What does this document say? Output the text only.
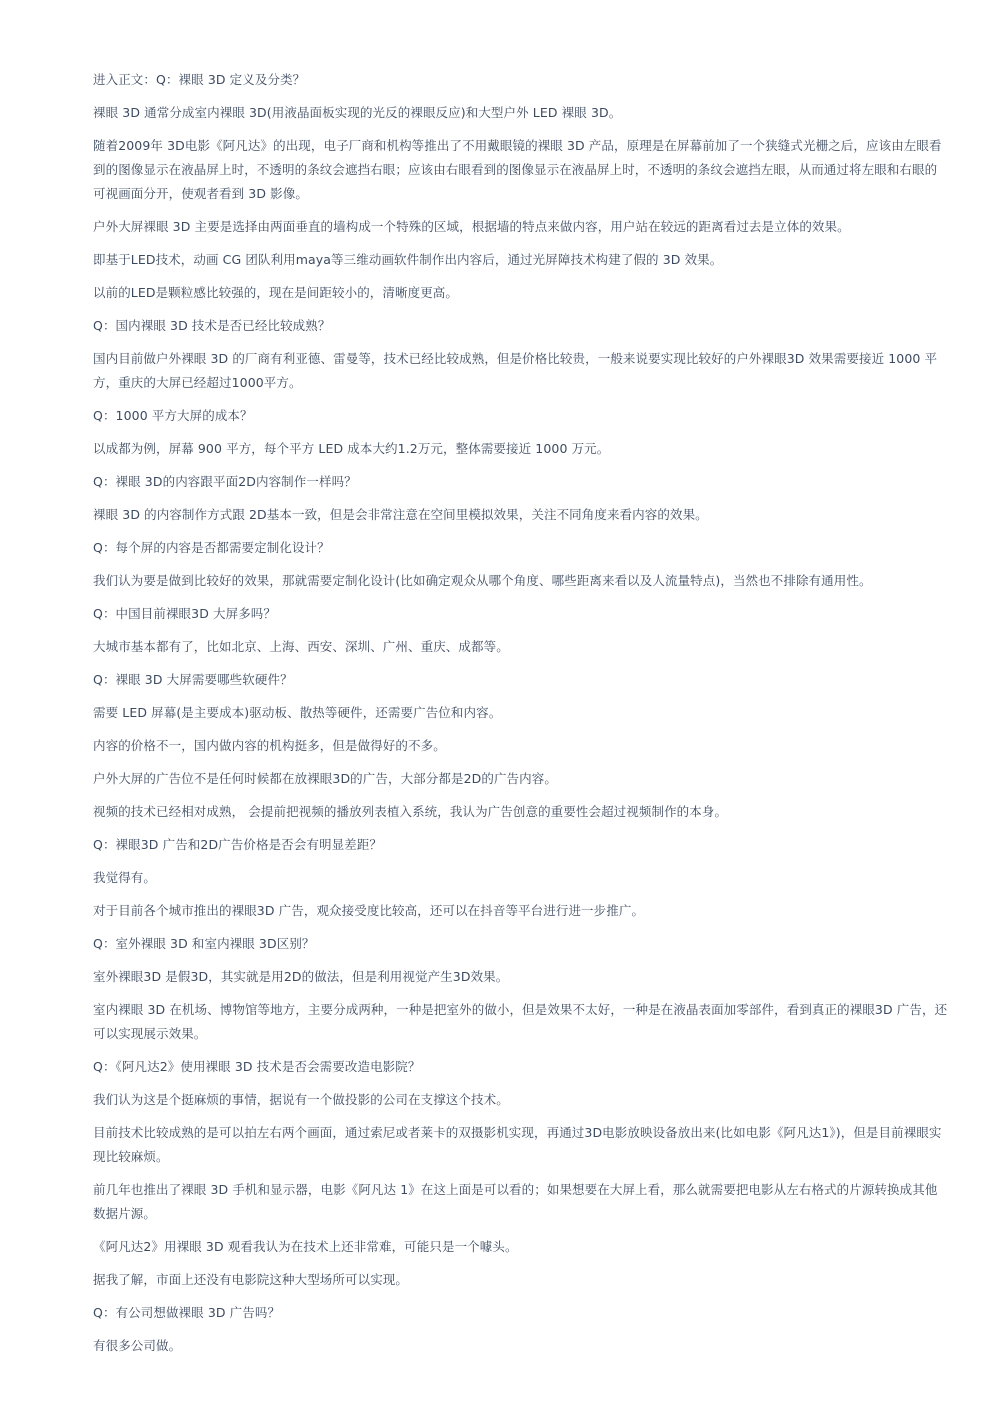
进入正文：Q：裸眼 3D 定义及分类？

裸眼 3D 通常分成室内裸眼 3D(用液晶面板实现的光反的裸眼反应)和大型户外 LED 裸眼 3D。

随着2009年 3D电影《阿凡达》的出现，电子厂商和机构等推出了不用戴眼镜的裸眼 3D 产品，原理是在屏幕前加了一个狭缝式光栅之后，应该由左眼看到的图像显示在液晶屏上时，不透明的条纹会遮挡右眼；应该由右眼看到的图像显示在液晶屏上时，不透明的条纹会遮挡左眼，从而通过将左眼和右眼的可视画面分开，使观者看到 3D 影像。

户外大屏裸眼 3D 主要是选择由两面垂直的墙构成一个特殊的区域，根据墙的特点来做内容，用户站在较远的距离看过去是立体的效果。

即基于LED技术，动画 CG 团队利用maya等三维动画软件制作出内容后，通过光屏障技术构建了假的 3D 效果。

以前的LED是颗粒感比较强的，现在是间距较小的，清晰度更高。

Q：国内裸眼 3D 技术是否已经比较成熟？

国内目前做户外裸眼 3D 的厂商有利亚德、雷曼等，技术已经比较成熟，但是价格比较贵，一般来说要实现比较好的户外裸眼3D 效果需要接近 1000 平方，重庆的大屏已经超过1000平方。

Q：1000 平方大屏的成本？

以成都为例，屏幕 900 平方，每个平方 LED 成本大约1.2万元，整体需要接近 1000 万元。

Q：裸眼 3D的内容跟平面2D内容制作一样吗？

裸眼 3D 的内容制作方式跟 2D基本一致，但是会非常注意在空间里模拟效果，关注不同角度来看内容的效果。

Q：每个屏的内容是否都需要定制化设计？

我们认为要是做到比较好的效果，那就需要定制化设计(比如确定观众从哪个角度、哪些距离来看以及人流量特点)，当然也不排除有通用性。

Q：中国目前裸眼3D 大屏多吗？

大城市基本都有了，比如北京、上海、西安、深圳、广州、重庆、成都等。

Q：裸眼 3D 大屏需要哪些软硬件？

需要 LED 屏幕(是主要成本)驱动板、散热等硬件，还需要广告位和内容。

内容的价格不一，国内做内容的机构挺多，但是做得好的不多。

户外大屏的广告位不是任何时候都在放裸眼3D的广告，大部分都是2D的广告内容。

视频的技术已经相对成熟， 会提前把视频的播放列表植入系统，我认为广告创意的重要性会超过视频制作的本身。

Q：裸眼3D 广告和2D广告价格是否会有明显差距？

我觉得有。

对于目前各个城市推出的裸眼3D 广告，观众接受度比较高，还可以在抖音等平台进行进一步推广。

Q：室外裸眼 3D 和室内裸眼 3D区别？

室外裸眼3D 是假3D，其实就是用2D的做法，但是利用视觉产生3D效果。

室内裸眼 3D 在机场、博物馆等地方，主要分成两种，一种是把室外的做小，但是效果不太好，一种是在液晶表面加零部件，看到真正的裸眼3D 广告，还可以实现展示效果。

Q：《阿凡达2》使用裸眼 3D 技术是否会需要改造电影院？

我们认为这是个挺麻烦的事情，据说有一个做投影的公司在支撑这个技术。

目前技术比较成熟的是可以拍左右两个画面，通过索尼或者莱卡的双摄影机实现，再通过3D电影放映设备放出来(比如电影《阿凡达1》)，但是目前裸眼实现比较麻烦。

前几年也推出了裸眼 3D 手机和显示器，电影《阿凡达 1》在这上面是可以看的；如果想要在大屏上看，那么就需要把电影从左右格式的片源转换成其他数据片源。

《阿凡达2》用裸眼 3D 观看我认为在技术上还非常难，可能只是一个噱头。

据我了解，市面上还没有电影院这种大型场所可以实现。

Q：有公司想做裸眼 3D 广告吗？

有很多公司做。
